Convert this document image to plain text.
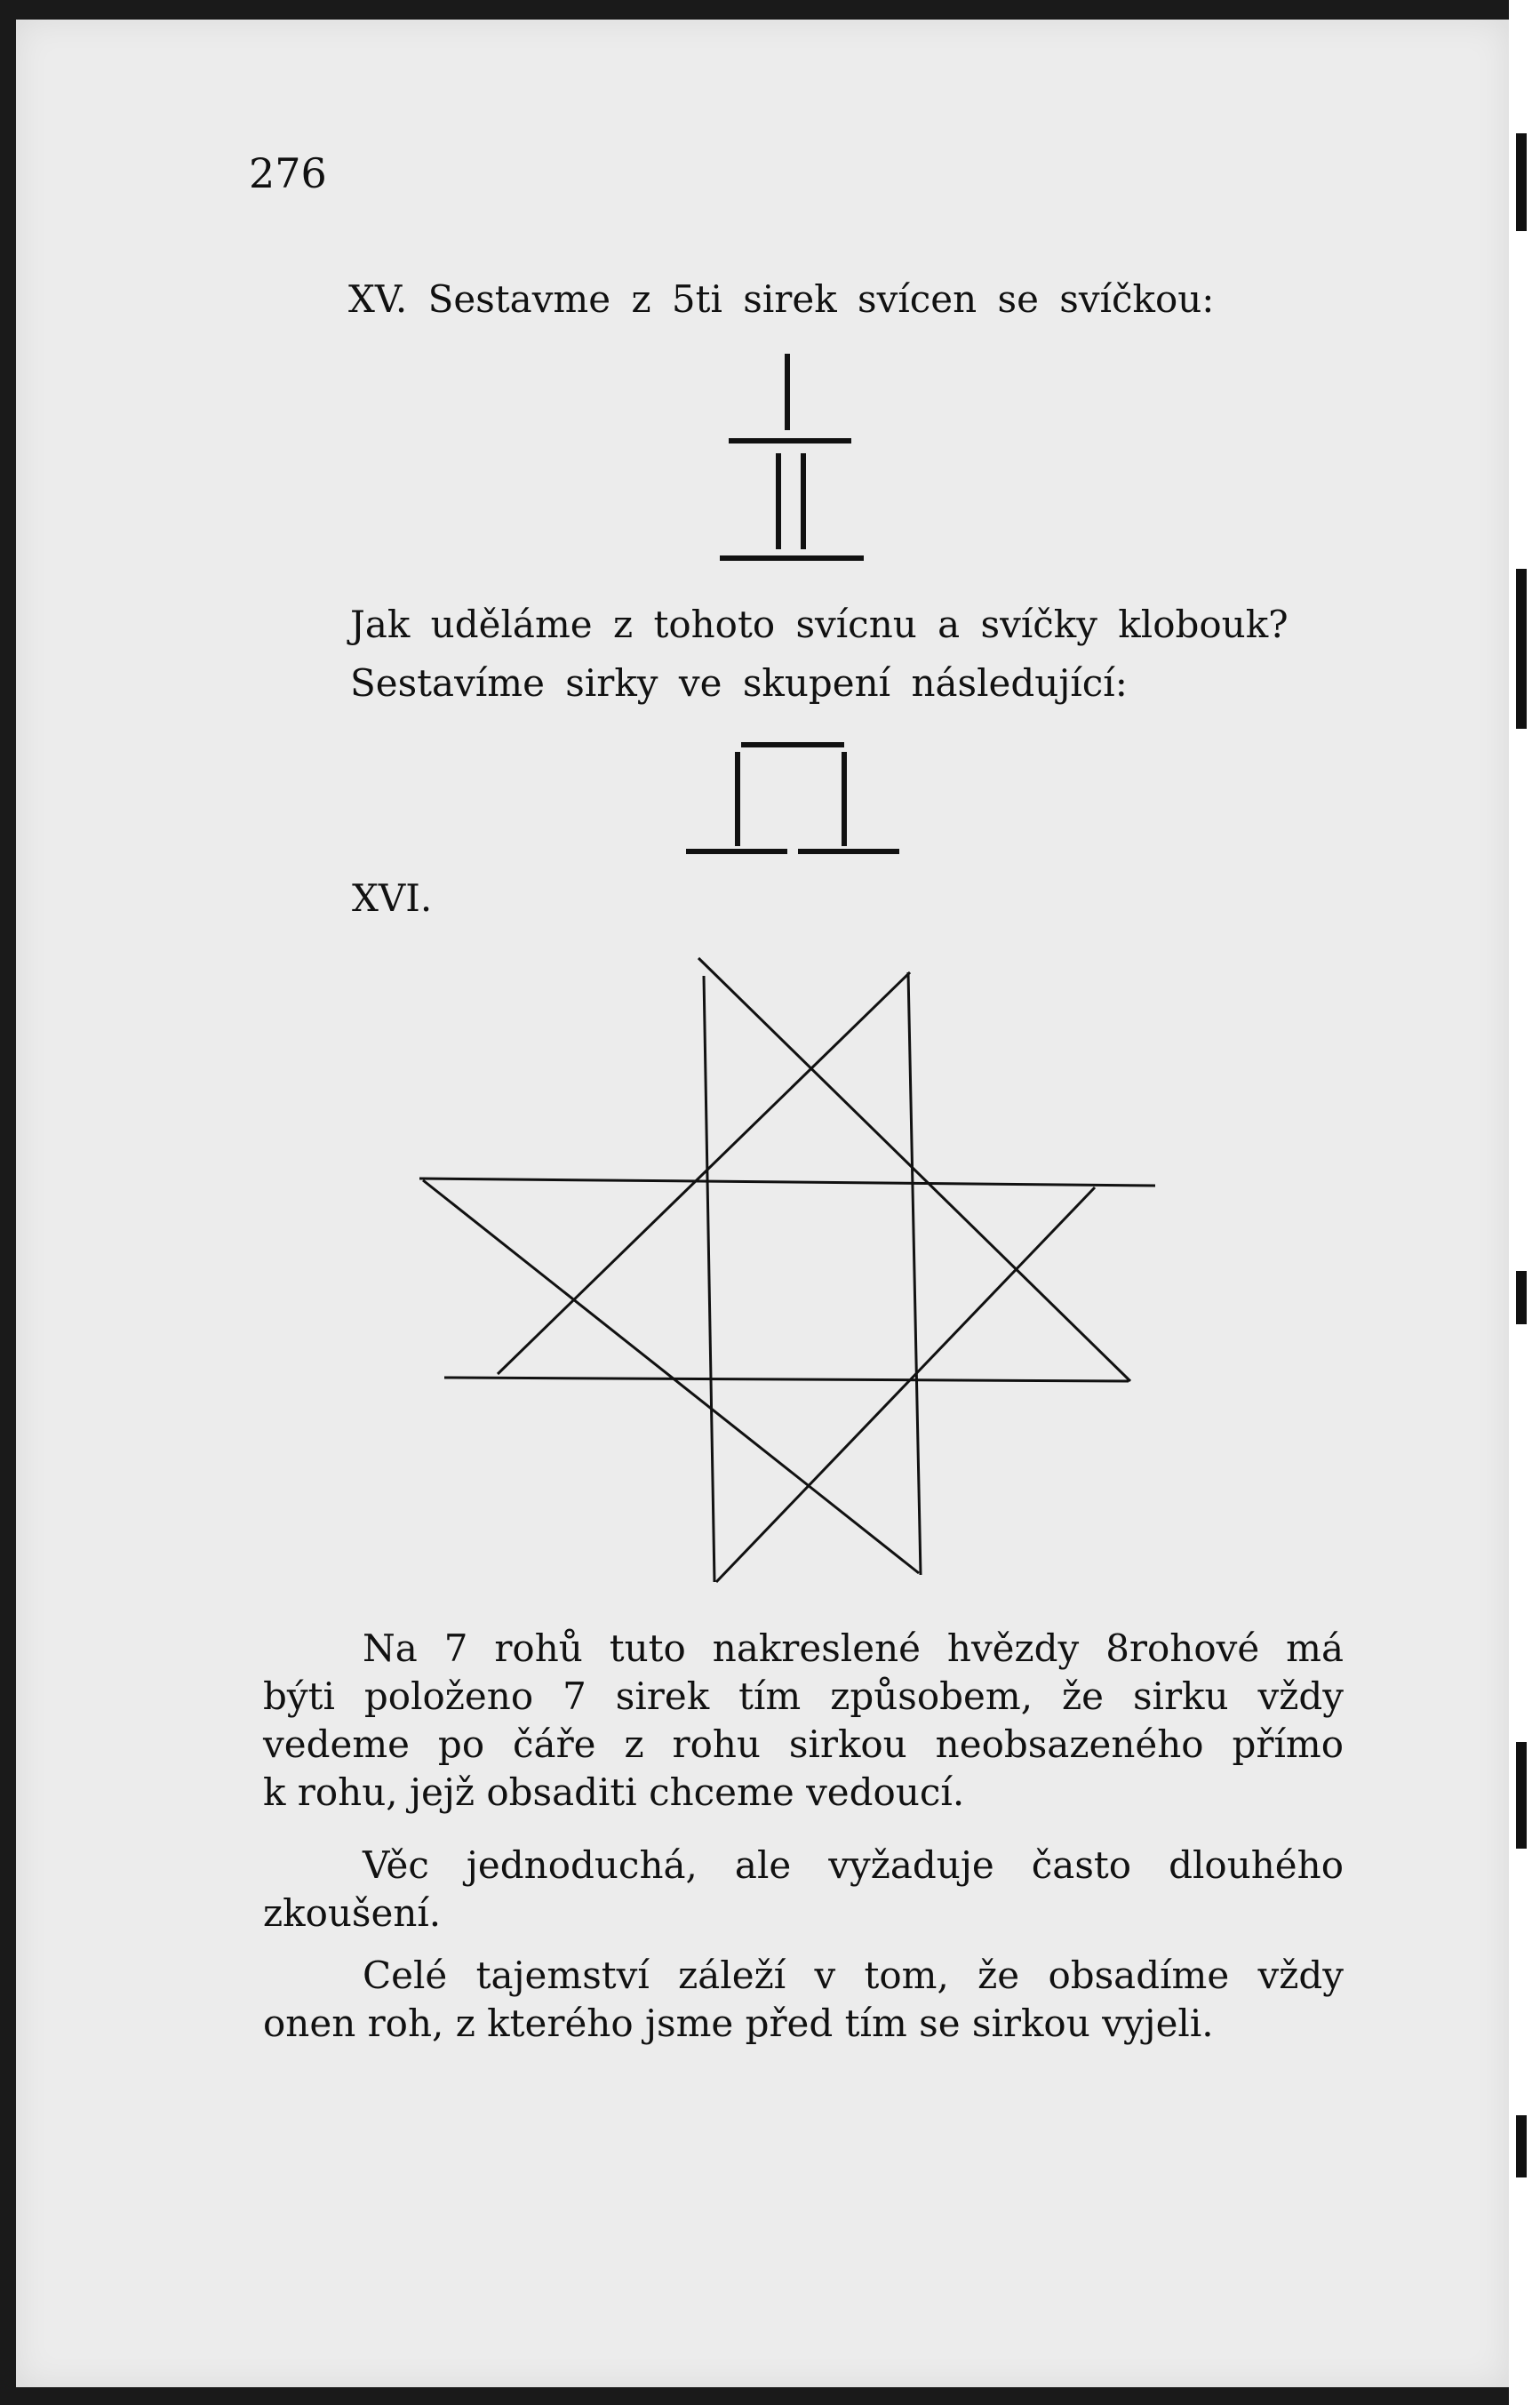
276
XV. Sestavme z 5ti sirek svícen se svíčkou:
Jak uděláme z tohoto svícnu a svíčky klobouk?
Sestavíme sirky ve skupení následující:
XVI.
Na 7 rohů tuto nakreslené hvězdy 8rohové má
býti položeno 7 sirek tím způsobem, že sirku vždy
vedeme po čáře z rohu sirkou neobsazeného přímo
k rohu, jejž obsaditi chceme vedoucí.
Věc jednoduchá, ale vyžaduje často dlouhého
zkoušení.
Celé tajemství záleží v tom, že obsadíme vždy
onen roh, z kterého jsme před tím se sirkou vyjeli.
